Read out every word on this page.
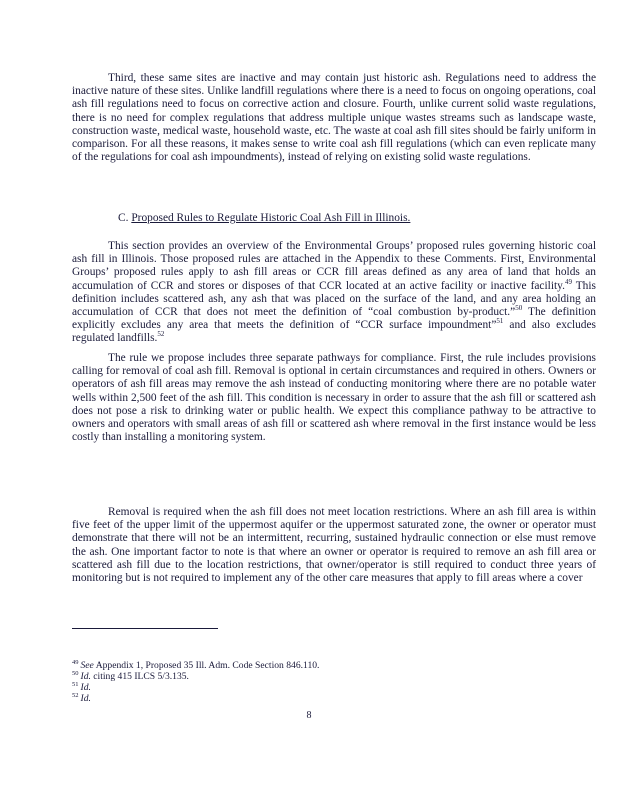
Third, these same sites are inactive and may contain just historic ash. Regulations need to address the inactive nature of these sites. Unlike landfill regulations where there is a need to focus on ongoing operations, coal ash fill regulations need to focus on corrective action and closure. Fourth, unlike current solid waste regulations, there is no need for complex regulations that address multiple unique wastes streams such as landscape waste, construction waste, medical waste, household waste, etc. The waste at coal ash fill sites should be fairly uniform in comparison. For all these reasons, it makes sense to write coal ash fill regulations (which can even replicate many of the regulations for coal ash impoundments), instead of relying on existing solid waste regulations.

C. Proposed Rules to Regulate Historic Coal Ash Fill in Illinois.

This section provides an overview of the Environmental Groups’ proposed rules governing historic coal ash fill in Illinois. Those proposed rules are attached in the Appendix to these Comments. First, Environmental Groups’ proposed rules apply to ash fill areas or CCR fill areas defined as any area of land that holds an accumulation of CCR and stores or disposes of that CCR located at an active facility or inactive facility.$^{49}$ This definition includes scattered ash, any ash that was placed on the surface of the land, and any area holding an accumulation of CCR that does not meet the definition of “coal combustion by-product.”$^{50}$ The definition explicitly excludes any area that meets the definition of “CCR surface impoundment”$^{51}$ and also excludes regulated landfills.$^{52}$

The rule we propose includes three separate pathways for compliance. First, the rule includes provisions calling for removal of coal ash fill. Removal is optional in certain circumstances and required in others. Owners or operators of ash fill areas may remove the ash instead of conducting monitoring where there are no potable water wells within 2,500 feet of the ash fill. This condition is necessary in order to assure that the ash fill or scattered ash does not pose a risk to drinking water or public health. We expect this compliance pathway to be attractive to owners and operators with small areas of ash fill or scattered ash where removal in the first instance would be less costly than installing a monitoring system.

Removal is required when the ash fill does not meet location restrictions. Where an ash fill area is within five feet of the upper limit of the uppermost aquifer or the uppermost saturated zone, the owner or operator must demonstrate that there will not be an intermittent, recurring, sustained hydraulic connection or else must remove the ash. One important factor to note is that where an owner or operator is required to remove an ash fill area or scattered ash fill due to the location restrictions, that owner/operator is still required to conduct three years of monitoring but is not required to implement any of the other care measures that apply to fill areas where a cover

$^{49}$ See Appendix 1, Proposed 35 Ill. Adm. Code Section 846.110.

$^{50}$ Id. citing 415 ILCS 5/3.135.

$^{51}$ Id.

$^{52}$ Id.

8
